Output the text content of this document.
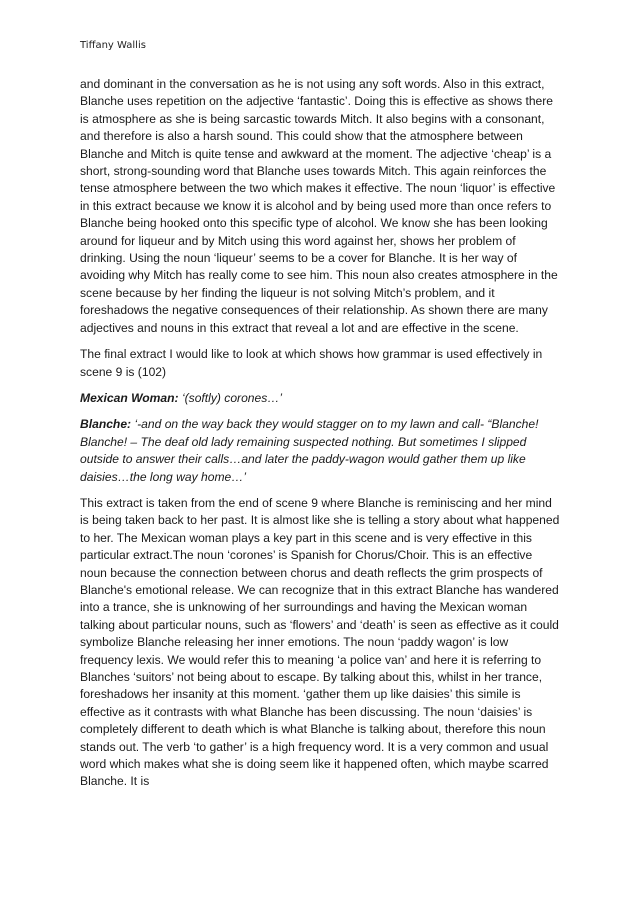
Tiffany Wallis

and dominant in the conversation as he is not using any soft words. Also in this extract, Blanche uses repetition on the adjective ‘fantastic’. Doing this is effective as shows there is atmosphere as she is being sarcastic towards Mitch. It also begins with a consonant, and therefore is also a harsh sound. This could show that the atmosphere between Blanche and Mitch is quite tense and awkward at the moment. The adjective ‘cheap’ is a short, strong-sounding word that Blanche uses towards Mitch. This again reinforces the tense atmosphere between the two which makes it effective. The noun ‘liquor’ is effective in this extract because we know it is alcohol and by being used more than once refers to Blanche being hooked onto this specific type of alcohol. We know she has been looking around for liqueur and by Mitch using this word against her, shows her problem of drinking. Using the noun ‘liqueur’ seems to be a cover for Blanche. It is her way of avoiding why Mitch has really come to see him. This noun also creates atmosphere in the scene because by her finding the liqueur is not solving Mitch’s problem, and it foreshadows the negative consequences of their relationship. As shown there are many adjectives and nouns in this extract that reveal a lot and are effective in the scene.

The final extract I would like to look at which shows how grammar is used effectively in scene 9 is (102)

Mexican Woman: ‘(softly) corones…’

Blanche: ‘-and on the way back they would stagger on to my lawn and call- “Blanche! Blanche! – The deaf old lady remaining suspected nothing. But sometimes I slipped outside to answer their calls…and later the paddy-wagon would gather them up like daisies…the long way home…’

This extract is taken from the end of scene 9 where Blanche is reminiscing and her mind is being taken back to her past. It is almost like she is telling a story about what happened to her. The Mexican woman plays a key part in this scene and is very effective in this particular extract.The noun ‘corones’ is Spanish for Chorus/Choir. This is an effective noun because the connection between chorus and death reflects the grim prospects of Blanche's emotional release. We can recognize that in this extract Blanche has wandered into a trance, she is unknowing of her surroundings and having the Mexican woman talking about particular nouns, such as ‘flowers’ and ‘death’ is seen as effective as it could symbolize Blanche releasing her inner emotions. The noun ‘paddy wagon’ is low frequency lexis. We would refer this to meaning ‘a police van’ and here it is referring to Blanches ‘suitors’ not being about to escape. By talking about this, whilst in her trance, foreshadows her insanity at this moment. ‘gather them up like daisies’ this simile is effective as it contrasts with what Blanche has been discussing. The noun ‘daisies’ is completely different to death which is what Blanche is talking about, therefore this noun stands out. The verb ‘to gather’ is a high frequency word. It is a very common and usual word which makes what she is doing seem like it happened often, which maybe scarred Blanche. It is
